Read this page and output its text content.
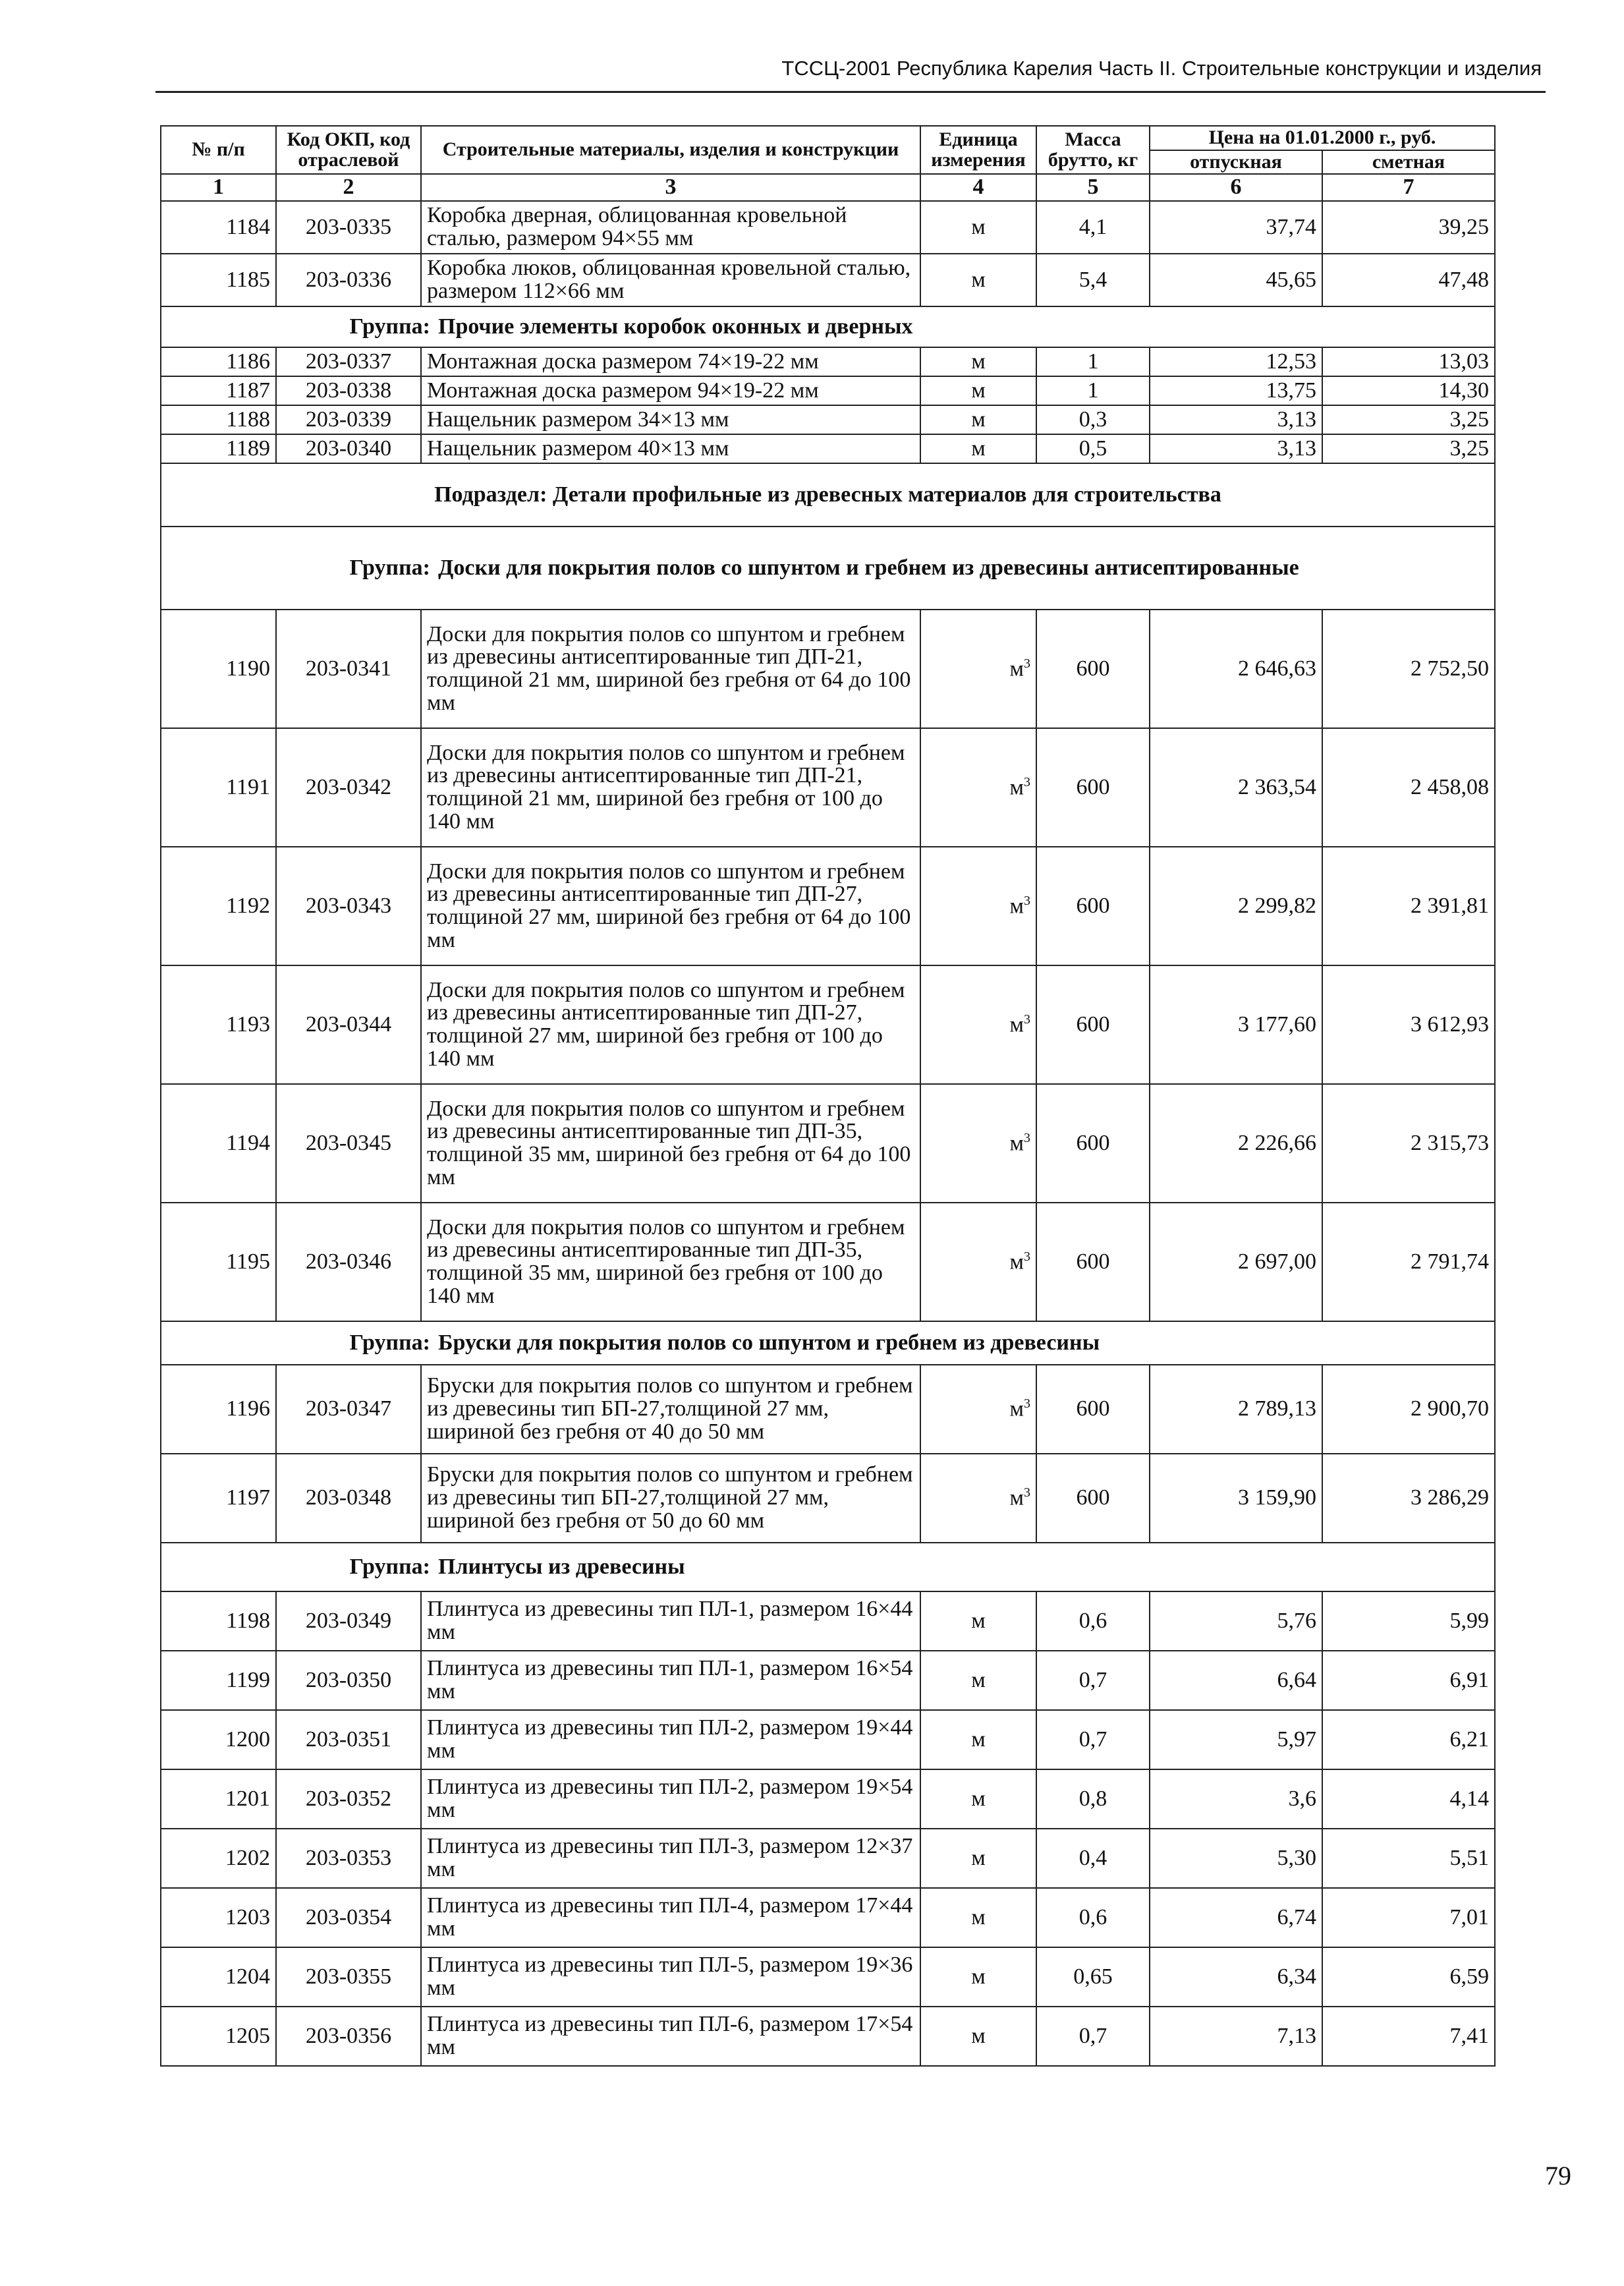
ТССЦ-2001 Республика Карелия Часть II. Строительные конструкции и изделия
№ п/п	Код ОКП, код отраслевой	Строительные материалы, изделия и конструкции	Единица измерения	Масса брутто, кг	Цена на 01.01.2000 г., руб.	
					отпускная	сметная
1	2	3	4	5	6	7
1184	203-0335	Коробка дверная, облицованная кровельной сталью, размером 94×55 мм	м	4,1	37,74	39,25
1185	203-0336	Коробка люков, облицованная кровельной сталью, размером 112×66 мм	м	5,4	45,65	47,48
Группа: Прочие элементы коробок оконных и дверных						
1186	203-0337	Монтажная доска размером 74×19-22 мм	м	1	12,53	13,03
1187	203-0338	Монтажная доска размером 94×19-22 мм	м	1	13,75	14,30
1188	203-0339	Нащельник размером 34×13 мм	м	0,3	3,13	3,25
1189	203-0340	Нащельник размером 40×13 мм	м	0,5	3,13	3,25
Подраздел: Детали профильные из древесных материалов для строительства						
Группа: Доски для покрытия полов со шпунтом и гребнем из древесины антисептированные						
1190	203-0341	Доски для покрытия полов со шпунтом и гребнем из древесины антисептированные тип ДП-21, толщиной 21 мм, шириной без гребня от 64 до 100 мм	$м^3$	600	2 646,63	2 752,50
1191	203-0342	Доски для покрытия полов со шпунтом и гребнем из древесины антисептированные тип ДП-21, толщиной 21 мм, шириной без гребня от 100 до 140 мм	$м^3$	600	2 363,54	2 458,08
1192	203-0343	Доски для покрытия полов со шпунтом и гребнем из древесины антисептированные тип ДП-27, толщиной 27 мм, шириной без гребня от 64 до 100 мм	$м^3$	600	2 299,82	2 391,81
1193	203-0344	Доски для покрытия полов со шпунтом и гребнем из древесины антисептированные тип ДП-27, толщиной 27 мм, шириной без гребня от 100 до 140 мм	$м^3$	600	3 177,60	3 612,93
1194	203-0345	Доски для покрытия полов со шпунтом и гребнем из древесины антисептированные тип ДП-35, толщиной 35 мм, шириной без гребня от 64 до 100 мм	$м^3$	600	2 226,66	2 315,73
1195	203-0346	Доски для покрытия полов со шпунтом и гребнем из древесины антисептированные тип ДП-35, толщиной 35 мм, шириной без гребня от 100 до 140 мм	$м^3$	600	2 697,00	2 791,74
Группа: Бруски для покрытия полов со шпунтом и гребнем из древесины						
1196	203-0347	Бруски для покрытия полов со шпунтом и гребнем из древесины тип БП-27,толщиной 27 мм, шириной без гребня от 40 до 50 мм	$м^3$	600	2 789,13	2 900,70
1197	203-0348	Бруски для покрытия полов со шпунтом и гребнем из древесины тип БП-27,толщиной 27 мм, шириной без гребня от 50 до 60 мм	$м^3$	600	3 159,90	3 286,29
Группа: Плинтусы из древесины						
1198	203-0349	Плинтуса из древесины тип ПЛ-1, размером 16×44 мм	м	0,6	5,76	5,99
1199	203-0350	Плинтуса из древесины тип ПЛ-1, размером 16×54 мм	м	0,7	6,64	6,91
1200	203-0351	Плинтуса из древесины тип ПЛ-2, размером 19×44 мм	м	0,7	5,97	6,21
1201	203-0352	Плинтуса из древесины тип ПЛ-2, размером 19×54 мм	м	0,8	3,6	4,14
1202	203-0353	Плинтуса из древесины тип ПЛ-3, размером 12×37 мм	м	0,4	5,30	5,51
1203	203-0354	Плинтуса из древесины тип ПЛ-4, размером 17×44 мм	м	0,6	6,74	7,01
1204	203-0355	Плинтуса из древесины тип ПЛ-5, размером 19×36 мм	м	0,65	6,34	6,59
1205	203-0356	Плинтуса из древесины тип ПЛ-6, размером 17×54 мм	м	0,7	7,13	7,41
79
